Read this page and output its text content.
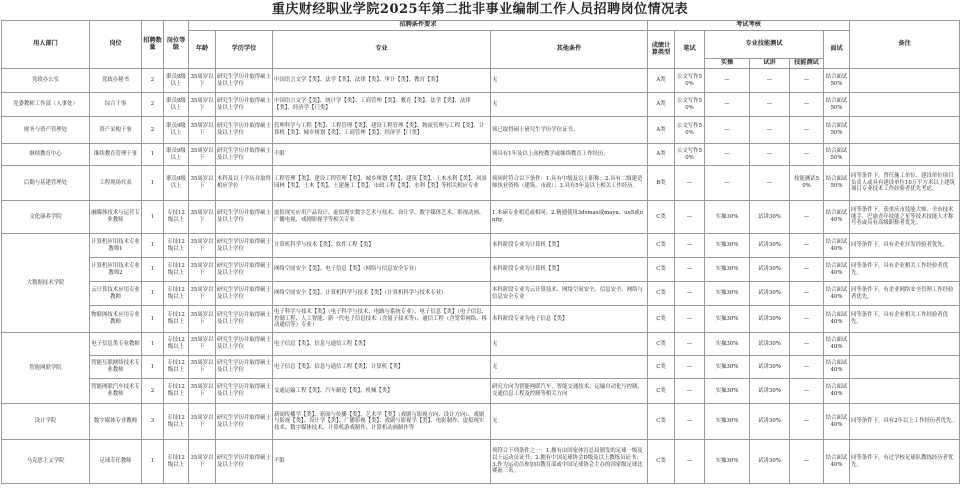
重庆财经职业学院2025年第二批非事业编制工作人员招聘岗位情况表
用人部门	岗位	招聘数量	岗位等级	招聘条件要求				考试考核						备注
				年龄	学历学位	专业	其他条件	成绩计算类型	笔试	专业技能测试			面试	
										实操	试讲	技能测试		
党政办公室	党政办秘书	2	职员9级以上	35周岁以下	研究生学历并取得硕士及以上学位	中国语言文学【类】、法学【类】、法律【类】、审计【类】、教育【类】	无	A类	公文写作50%	—	—	—	结合面试50%	
党委教师工作部（人事处）	综合干事	2	职员9级以上	35周岁以下	研究生学历并取得硕士及以上学位	中国语言文学【类】、统计学【类】、工商管理【类】、教育【类】、法学【类】、法律【类】、经济学【门类】	无	A类	公文写作50%	—	—	—	结合面试50%	
财务与资产管理处	资产采购干事	2	职员9级以上	35周岁以下	研究生学历并取得硕士及以上学位	管理科学与工程【类】、工程管理【类】、建设工程管理【类】、物流管理与工程【类】、计算机【类】、城乡规划【类】、工商管理【类】、经济学【门类】	须已取得硕士研究生学历学位证书。	A类	公文写作50%	—	—	—	结合面试50%	
继续教育中心	继续教育管理干事	1	职员9级以上	35周岁以下	研究生学历并取得硕士及以上学位	不限	须具有1年及以上高校教学或继续教育工作经历。	A类	公文写作50%	—	—	—	结合面试50%	
后勤与基建管理处	工程现场代表	1	职员9级以上	35周岁以下	本科及以上学历并取得相应学位	工程管理【类】、建设工程管理【类】、城乡规划【类】、建筑【类】、土木水利【类】、风景园林【类】、土木【类】、土建施工【类】、市政工程【类】、水利【类】等相关相应专业	须同时符合以下条件：1.具有中级及以上职称；2.具有二级建造师执业资格（建筑、市政）；3.具有5年及以上相关工作经历。	B类	—	—	—	技能测试50%	结合面试50%	同等条件下，曾任施工单位、建设单位项目负责人或具有建设单位10万平方米以上建筑项目专业技术工作经验者优先考虑。
文化康养学院	融媒体技术与运营专业教师	1	专技12级以上	35周岁以下	研究生学历并取得硕士及以上学位	虚拟现实应用产品设计、虚拟现实数字艺术与技术、设计学、数字媒体艺术、影视动画、广播电视、戏剧影视学等相关专业	1.本硕专业相近或相同；2.精通使用3dsmax或maya、ue5或unity。	C类	—	实操30%	试讲30%	—	结合面试40%	同等条件下，获重庆市技能大师、全市技术能手、巴渝青年技能之星等技术技能人才称号者或具有高级职称者优先。
大数据技术学院	计算机应用技术专业教师1	1	专技12级以上	35周岁以下	研究生学历并取得硕士及以上学位	计算机科学与技术【类】、软件工程【类】	本科阶段专业为计算机【类】	C类	—	实操30%	试讲30%	—	结合面试40%	同等条件下，具有企业开发经验者优先。
	计算机应用技术专业教师2	1	专技12级以上	35周岁以下	研究生学历并取得硕士及以上学位	网络空间安全【类】、电子信息【类】（网络与信息安全专业）	本科阶段专业为计算机【类】	C类	—	实操30%	试讲30%	—	结合面试40%	同等条件下，具有企业相关工作经验者优先。
	云计算技术应用专业教师	1	专技12级以上	35周岁以下	研究生学历并取得硕士及以上学位	网络空间安全【类】、计算机科学与技术【类】（计算机科学与技术专业）	本科阶段专业为云计算技术、网络空间安全、信息安全、网络与信息安全专业	C类	—	实操30%	试讲30%	—	结合面试40%	同等条件下，有企业网络安全管理工作经验者优先。
	物联网技术应用专业教师	1	专技12级以上	35周岁以下	研究生学历并取得硕士及以上学位	电子科学与技术【类】（电子科学与技术、电路与系统专业）、电子信息【类】（电子信息、控制工程、人工智能、新一代电子信息技术（含量子技术等）、通信工程（含宽带网络、移动通信等）专业）	本科阶段专业为电子信息【类】	C类	—	实操30%	试讲30%	—	结合面试40%	同等条件下，具有企业相关工作经验者优先。
智能网联学院	电子信息类专业教师	1	专技12级以上	35周岁以下	研究生学历并取得硕士及以上学位	电子信息【类】、信息与通信工程【类】	无	C类	—	实操30%	试讲30%	—	结合面试40%	
	智能互联网络技术专业教师	1	专技12级以上	35周岁以下	研究生学历并取得硕士及以上学位	电子信息【类】、信息与通信工程【类】、计算机【类】	无	C类	—	实操30%	试讲30%	—	结合面试40%	
	智能网联汽车技术专业教师	2	专技12级以上	35周岁以下	研究生学历并取得硕士及以上学位	交通运输工程【类】、汽车制造【类】、机械【类】	研究方向为智能网联汽车、智能交通技术、运输自动化与控制、交通信息工程及控制等相关方向	C类	—	实操30%	试讲30%	—	结合面试40%	
设计学院	数字媒体专业教师	3	专技12级以上	35周岁以下	研究生学历并取得硕士及以上学位	新闻传播学【类】、新闻与传播【类】、艺术学【类】（戏剧与影视方向、设计方向）、戏剧与影视【类】、设计学【类】、广播影视【类】、戏剧与影视学【类】、电影制作、虚拟现实技术、数字媒体技术、计算机游戏制作、计算机动画制作等	无	C类	—	实操30%	试讲30%	—	结合面试40%	同等条件下，具有2年以上工作经历者优先。
马克思主义学院	足球专任教师	1	专技12级以上	35周岁以下	研究生学历并取得硕士及以上学位	不限	须符合下列条件之一：1.拥有由国家体育总局颁发的足球一级及以上运动员证书；2.拥有中国足球协会D级及以上教练员证书；3.作为运动员参加由教育部或中国足球协会主办的国家级足球比赛前三名。	C类	—	实操30%	试讲30%	—	结合面试40%	同等条件下，有过学校足球队教练经历者优先。
